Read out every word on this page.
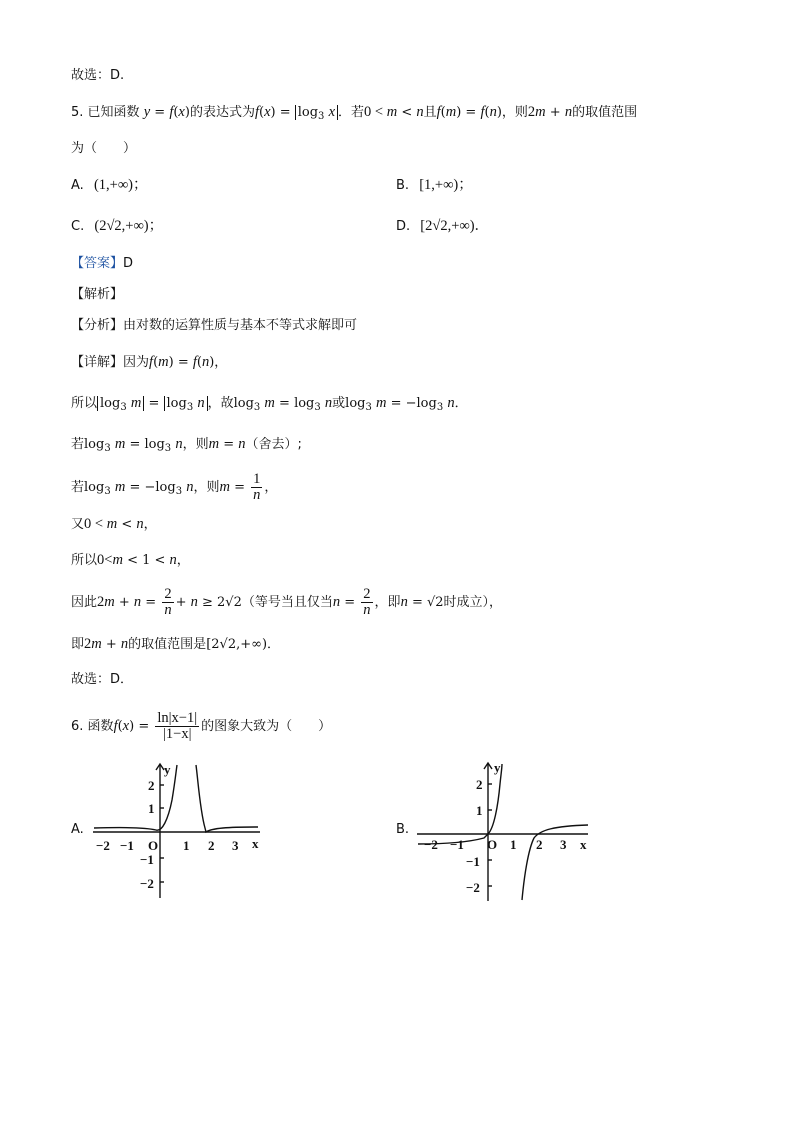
故选：D.
5. 已知函数 y = f(x)的表达式为$f(x) = \log_3 x$ ．若0 < m < n且f(m) = f(n)，则2m + n的取值范围
为（　　）
A. (1,+∞)；	B. [1,+∞)；
C. (2√2,+∞)；	D. [2√2,+∞)．
【答案】D
【解析】
【分析】由对数的运算性质与基本不等式求解即可
【详解】因为f(m) = f(n)，
所以 $\log_3 m = \log_3 n$ ，故$\log_3 m = \log_3 n$或$\log_3 m = -\log_3$ n．
若$\log_3 m = \log_3 n$，则m = n（舍去）;
若$\log_3 m = -\log_3$ n，则$m = \frac{1}{n}$ ，
又0 < m < n，
所以0<m < 1 < n，
因此$2m + n = \frac{2}{n} + n \ge 2√2$（等号当且仅当$n = \frac{2}{n}$ ，即n = √2时成立），
即2m + n的取值范围是[2√2,+∞)．
故选：D．
6. 函数$f(x) = \frac{\ln|x-1|}{|1-x|}$ 的图象大致为（　　）
A.
y
x
O
2
1
−1
−2
−2 −1	1 2 3
B.
y
x
O
2
1
−1
−2
−2 −1	1 2 3
